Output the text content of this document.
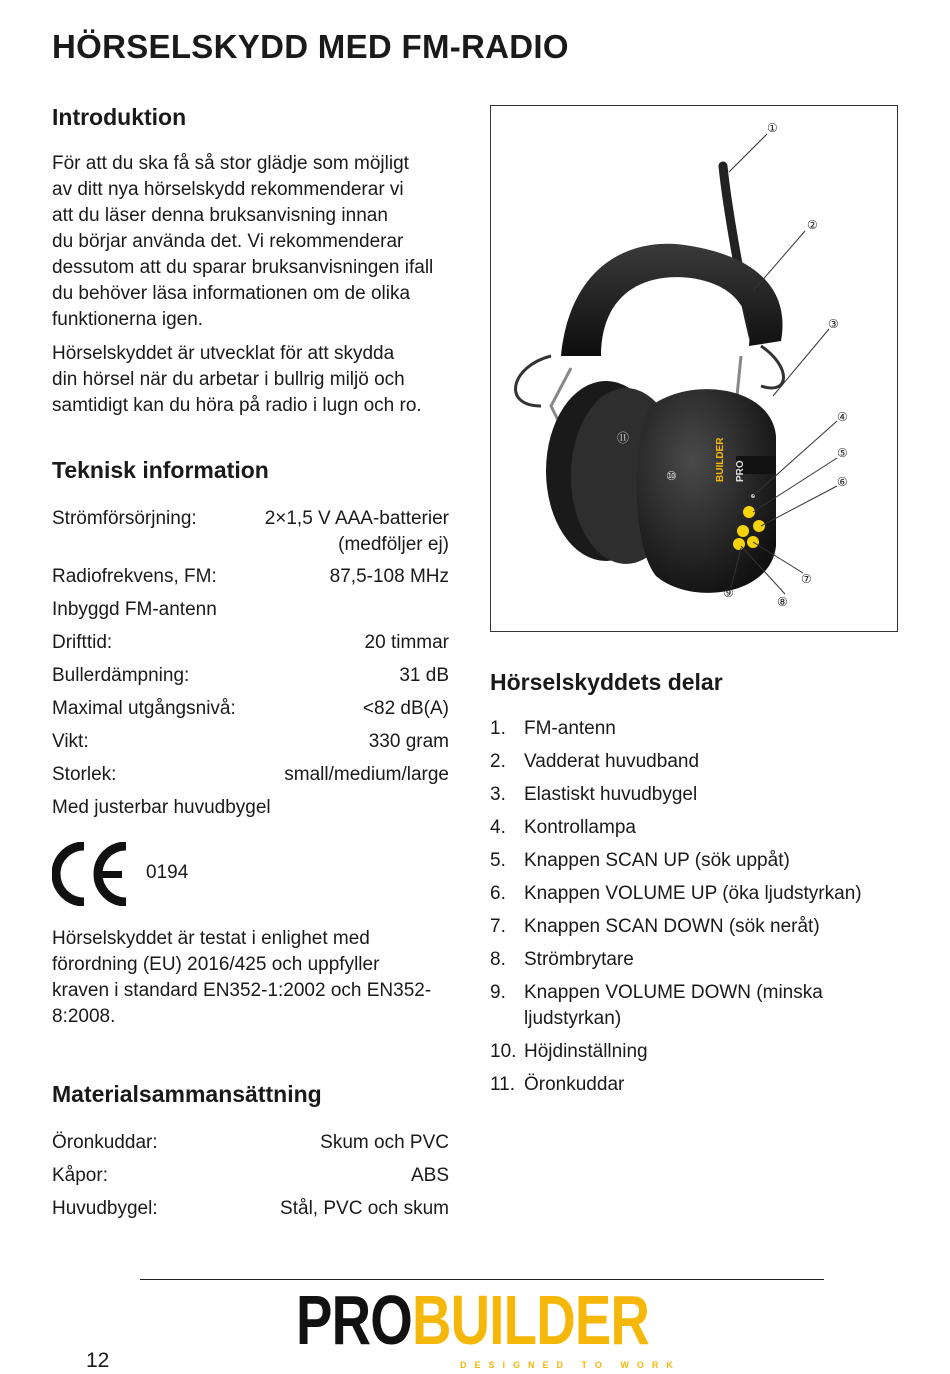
HÖRSELSKYDD MED FM-RADIO
Introduktion
För att du ska få så stor glädje som möjligt
av ditt nya hörselskydd rekommenderar vi
att du läser denna bruksanvisning innan
du börjar använda det. Vi rekommenderar
dessutom att du sparar bruksanvisningen ifall
du behöver läsa informationen om de olika
funktionerna igen.
Hörselskyddet är utvecklat för att skydda
din hörsel när du arbetar i bullrig miljö och
samtidigt kan du höra på radio i lugn och ro.
Teknisk information
Strömförsörjning:	2×1,5 V AAA-batterier
(medföljer ej)
Radiofrekvens, FM:	87,5-108 MHz
Inbyggd FM-antenn
Drifttid:	20 timmar
Bullerdämpning:	31 dB
Maximal utgångsnivå:	<82 dB(A)
Vikt:	330 gram
Storlek:	small/medium/large
Med justerbar huvudbygel
0194
Hörselskyddet är testat i enlighet med
förordning (EU) 2016/425 och uppfyller
kraven i standard EN352-1:2002 och EN352-
8:2008.
Materialsammansättning
Öronkuddar:	Skum och PVC
Kåpor:	ABS
Huvudbygel:	Stål, PVC och skum
PRO
BUILDER
①
②
③
④
⑤
⑥
⑦
⑧
⑨
⑩
⑪
Hörselskyddets delar
1. FM-antenn
2. Vadderat huvudband
3. Elastiskt huvudbygel
4. Kontrollampa
5. Knappen SCAN UP (sök uppåt)
6. Knappen VOLUME UP (öka ljudstyrkan)
7. Knappen SCAN DOWN (sök neråt)
8. Strömbrytare
9. Knappen VOLUME DOWN (minska
ljudstyrkan)
10. Höjdinställning
11. Öronkuddar
PROBUILDER
DESIGNED TO WORK
12
